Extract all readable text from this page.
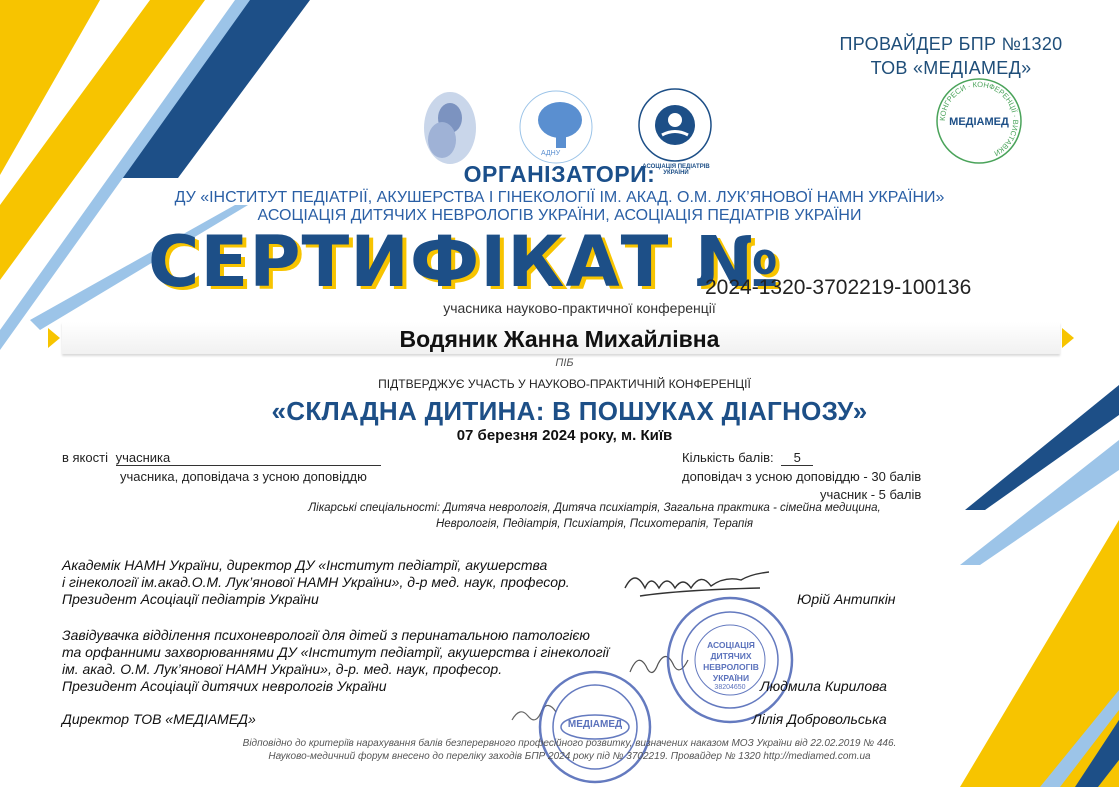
ПРОВАЙДЕР БПР №1320
ТОВ «МЕДІАМЕД»
КОНГРЕСИ · КОНФЕРЕНЦІЇ · ВИСТАВКИ
МЕДІАМЕД
АДНУ
АСОЦІАЦІЯ ПЕДІАТРІВ УКРАЇНИ
ОРГАНІЗАТОРИ:
ДУ «ІНСТИТУТ ПЕДІАТРІЇ, АКУШЕРСТВА І ГІНЕКОЛОГІЇ ІМ. АКАД. О.М. ЛУК’ЯНОВОЇ НАМН УКРАЇНИ»
АСОЦІАЦІЯ ДИТЯЧИХ НЕВРОЛОГІВ УКРАЇНИ, АСОЦІАЦІЯ ПЕДІАТРІВ УКРАЇНИ
СЕРТИФІКАТ №
2024-1320-3702219-100136
учасника науково-практичної конференції
Водяник Жанна Михайлівна
ПІБ
ПІДТВЕРДЖУЄ УЧАСТЬ У НАУКОВО-ПРАКТИЧНІЙ КОНФЕРЕНЦІЇ
«СКЛАДНА ДИТИНА: В ПОШУКАХ ДІАГНОЗУ»
07 березня 2024 року, м. Київ
в якості учасника
учасника, доповідача з усною доповіддю
Кількість балів: 5
доповідач з усною доповіддю - 30 балів
учасник - 5 балів
Лікарські спеціальності: Дитяча неврологія, Дитяча психіатрія, Загальна практика - сімейна медицина,
Неврологія, Педіатрія, Психіатрія, Психотерапія, Терапія
Академік НАМН України, директор ДУ «Інститут педіатрії, акушерства
і гінекології ім.акад.О.М. Лук’янової НАМН України», д-р мед. наук, професор.
Президент Асоціації педіатрів України	Юрій Антипкін
Завідувачка відділення психоневрології для дітей з перинатальною патологією
та орфанними захворюваннями ДУ «Інститут педіатрії, акушерства і гінекології
ім. акад. О.М. Лук’янової НАМН України», д-р. мед. наук, професор.
Президент Асоціації дитячих неврологів України	Людмила Кирилова
Директор ТОВ «МЕДІАМЕД»	Лілія Добровольська
АСОЦІАЦІЯ ДИТЯЧИХ НЕВРОЛОГІВ УКРАЇНИ
38204650
МЕДІАМЕД
Відповідно до критеріїв нарахування балів безперервного професійного розвитку, визначених наказом МОЗ України від 22.02.2019 № 446.
Науково-медичний форум внесено до переліку заходів БПР 2024 року під № 3702219. Провайдер № 1320 http://mediamed.com.ua
